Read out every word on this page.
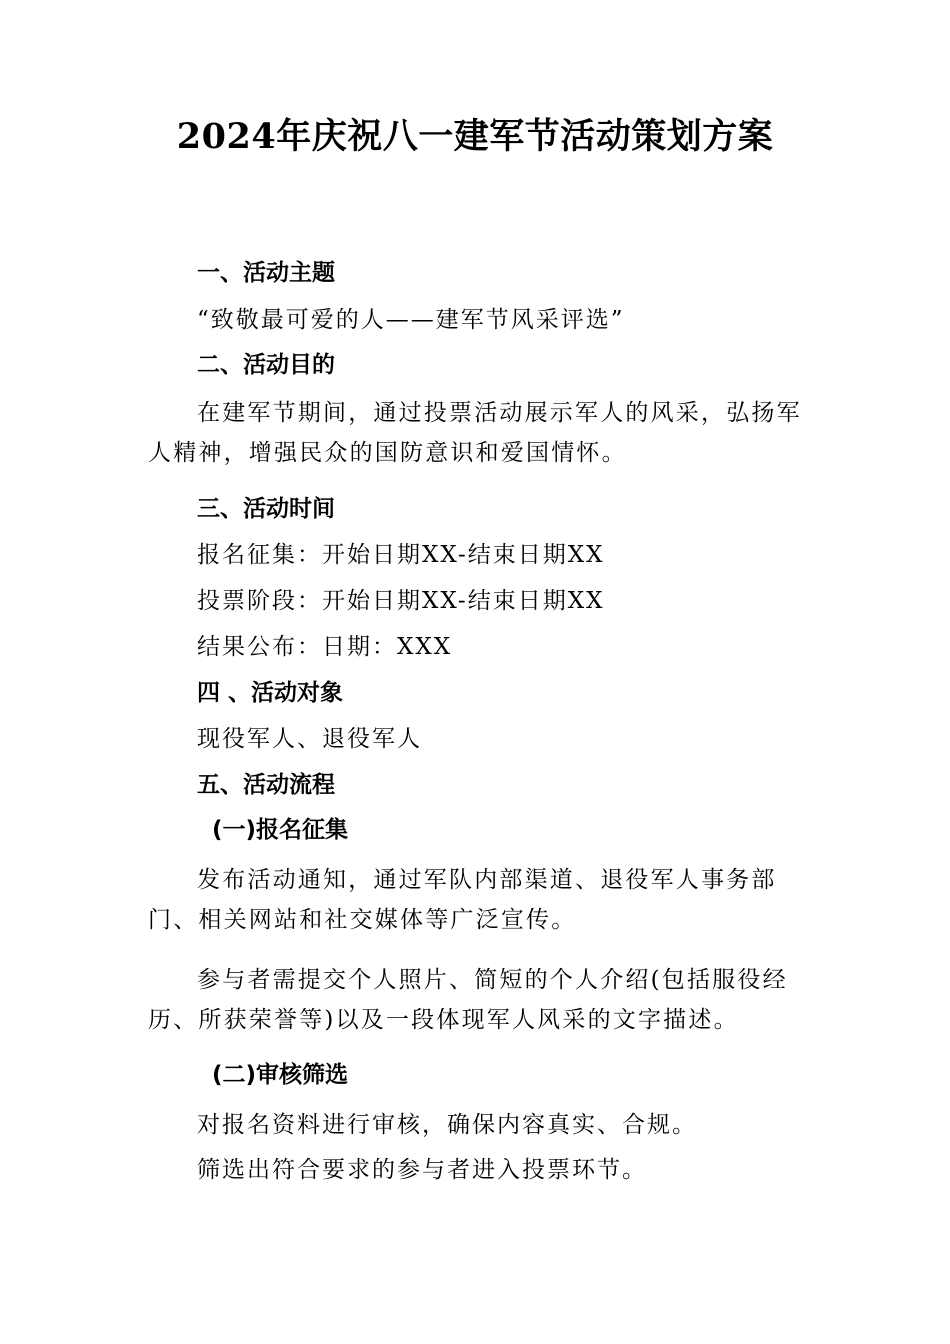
2024年庆祝八一建军节活动策划方案
一、活动主题
“致敬最可爱的人——建军节风采评选”
二、活动目的
在建军节期间，通过投票活动展示军人的风采，弘扬军人精神，增强民众的国防意识和爱国情怀。
三、活动时间
报名征集：开始日期XX-结束日期XX
投票阶段：开始日期XX-结束日期XX
结果公布：日期：XXX
四 、活动对象
现役军人、退役军人
五、活动流程
(一)报名征集
发布活动通知，通过军队内部渠道、退役军人事务部门、相关网站和社交媒体等广泛宣传。
参与者需提交个人照片、简短的个人介绍(包括服役经历、所获荣誉等)以及一段体现军人风采的文字描述。
(二)审核筛选
对报名资料进行审核，确保内容真实、合规。
筛选出符合要求的参与者进入投票环节。
